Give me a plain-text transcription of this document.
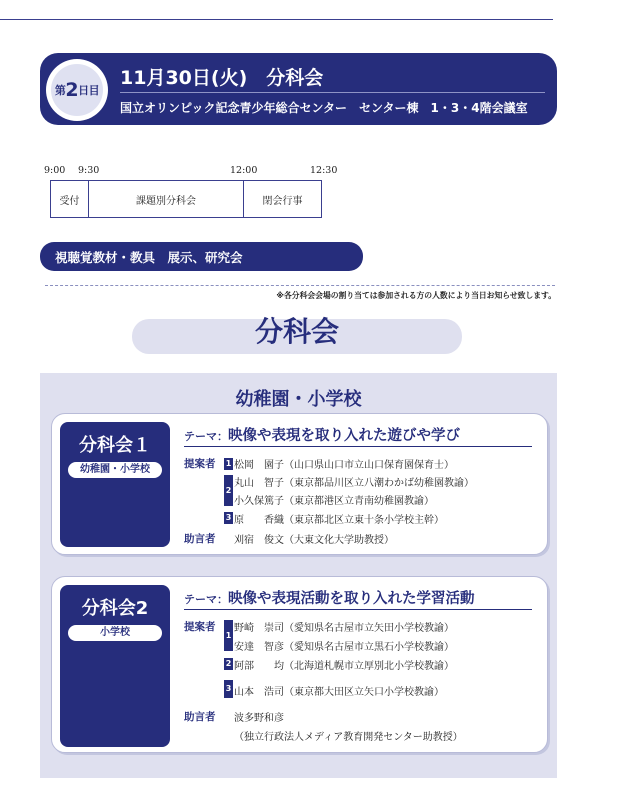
第 2 日目
11月30日(火)　分科会
国立オリンピック記念青少年総合センター　センター棟　1・3・4階会議室
9:00 9:30	12:00	12:30
受付	課題別分科会	閉会行事
視聴覚教材・教具　展示、研究会
※各分科会会場の割り当ては参加される方の人数により当日お知らせ致します。
分科会
幼稚園・小学校
分科会１
幼稚園・小学校
テーマ：映像や表現を取り入れた遊びや学び
提案者 1 松岡　園子（山口県山口市立山口保育園保育士）
2
丸山　智子（東京都品川区立八潮わかば幼稚園教諭）
小久保篤子（東京都港区立青南幼稚園教諭）
3 原　　香織（東京都北区立東十条小学校主幹）
助言者 刈宿　俊文（大東文化大学助教授）
分科会2
小学校
テーマ：映像や表現活動を取り入れた学習活動
提案者
1
野崎　崇司（愛知県名古屋市立矢田小学校教諭）
安達　智彦（愛知県名古屋市立黒石小学校教諭）
2 阿部　　均（北海道札幌市立厚別北小学校教諭）
3 山本　浩司（東京都大田区立矢口小学校教諭）
助言者 波多野和彦
（独立行政法人メディア教育開発センター助教授）
